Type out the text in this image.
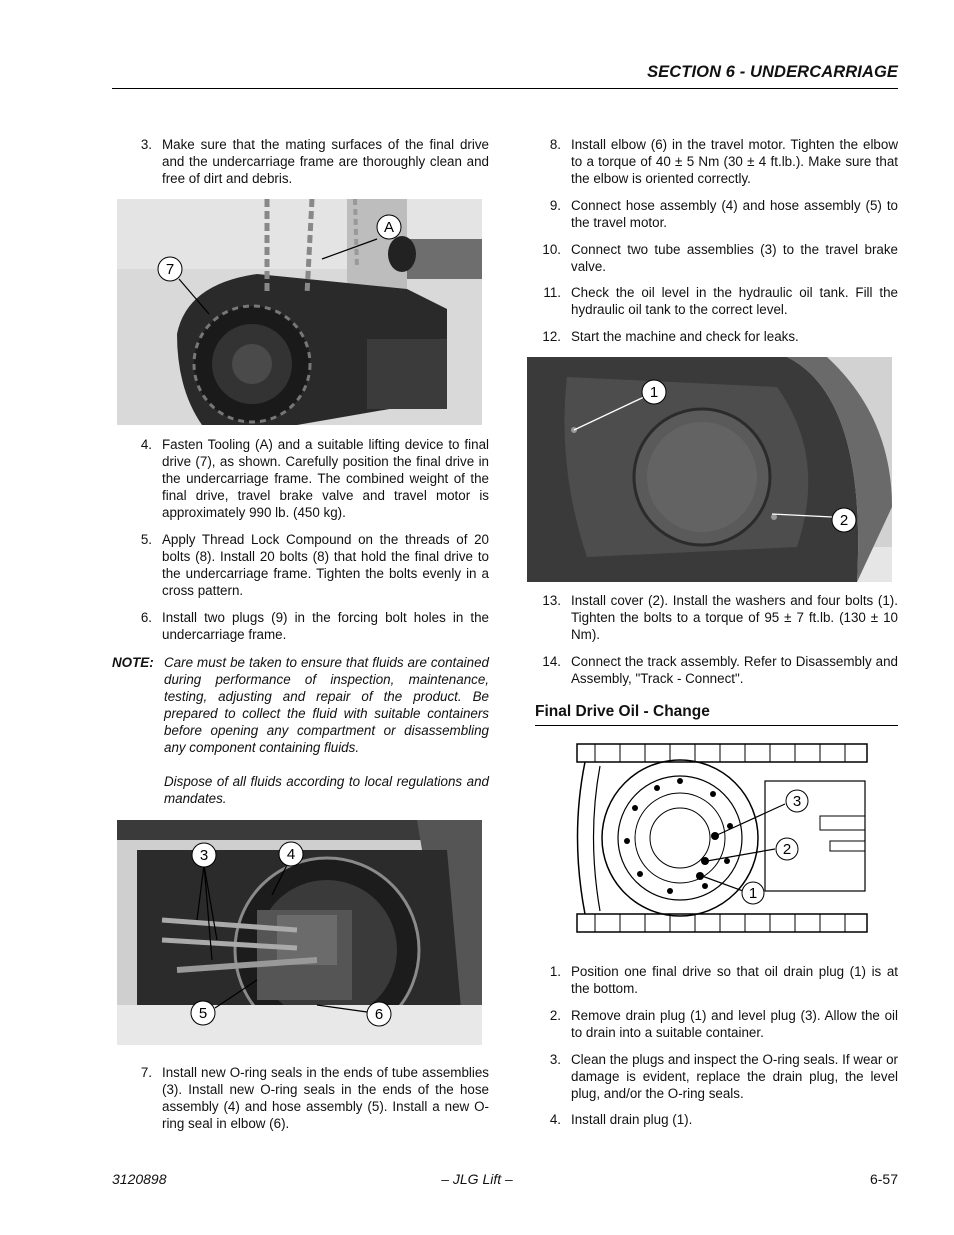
SECTION 6 - UNDERCARRIAGE
3. Make sure that the mating surfaces of the final drive and the undercarriage frame are thoroughly clean and free of dirt and debris.
A
7
4. Fasten Tooling (A) and a suitable lifting device to final drive (7), as shown. Carefully position the final drive in the undercarriage frame. The combined weight of the final drive, travel brake valve and travel motor is approximately 990 lb. (450 kg).
5. Apply Thread Lock Compound on the threads of 20 bolts (8). Install 20 bolts (8) that hold the final drive to the undercarriage frame. Tighten the bolts evenly in a cross pattern.
6. Install two plugs (9) in the forcing bolt holes in the undercarriage frame.
NOTE: Care must be taken to ensure that fluids are contained during performance of inspection, maintenance, testing, adjusting and repair of the product. Be prepared to collect the fluid with suitable containers before opening any compartment or disassembling any component containing fluids.

Dispose of all fluids according to local regulations and mandates.

3	4
5	6
7. Install new O-ring seals in the ends of tube assemblies (3). Install new O-ring seals in the ends of the hose assembly (4) and hose assembly (5). Install a new O-ring seal in elbow (6).
8. Install elbow (6) in the travel motor. Tighten the elbow to a torque of 40 ± 5 Nm (30 ± 4 ft.lb.). Make sure that the elbow is oriented correctly.
9. Connect hose assembly (4) and hose assembly (5) to the travel motor.
10. Connect two tube assemblies (3) to the travel brake valve.
11. Check the oil level in the hydraulic oil tank. Fill the hydraulic oil tank to the correct level.
12. Start the machine and check for leaks.
1
2
13. Install cover (2). Install the washers and four bolts (1). Tighten the bolts to a torque of 95 ± 7 ft.lb. (130 ± 10 Nm).
14. Connect the track assembly. Refer to Disassembly and Assembly, "Track - Connect".
Final Drive Oil - Change
3
2
1
1. Position one final drive so that oil drain plug (1) is at the bottom.
2. Remove drain plug (1) and level plug (3). Allow the oil to drain into a suitable container.
3. Clean the plugs and inspect the O-ring seals. If wear or damage is evident, replace the drain plug, the level plug, and/or the O-ring seals.
4. Install drain plug (1).
3120898	– JLG Lift –	6-57
